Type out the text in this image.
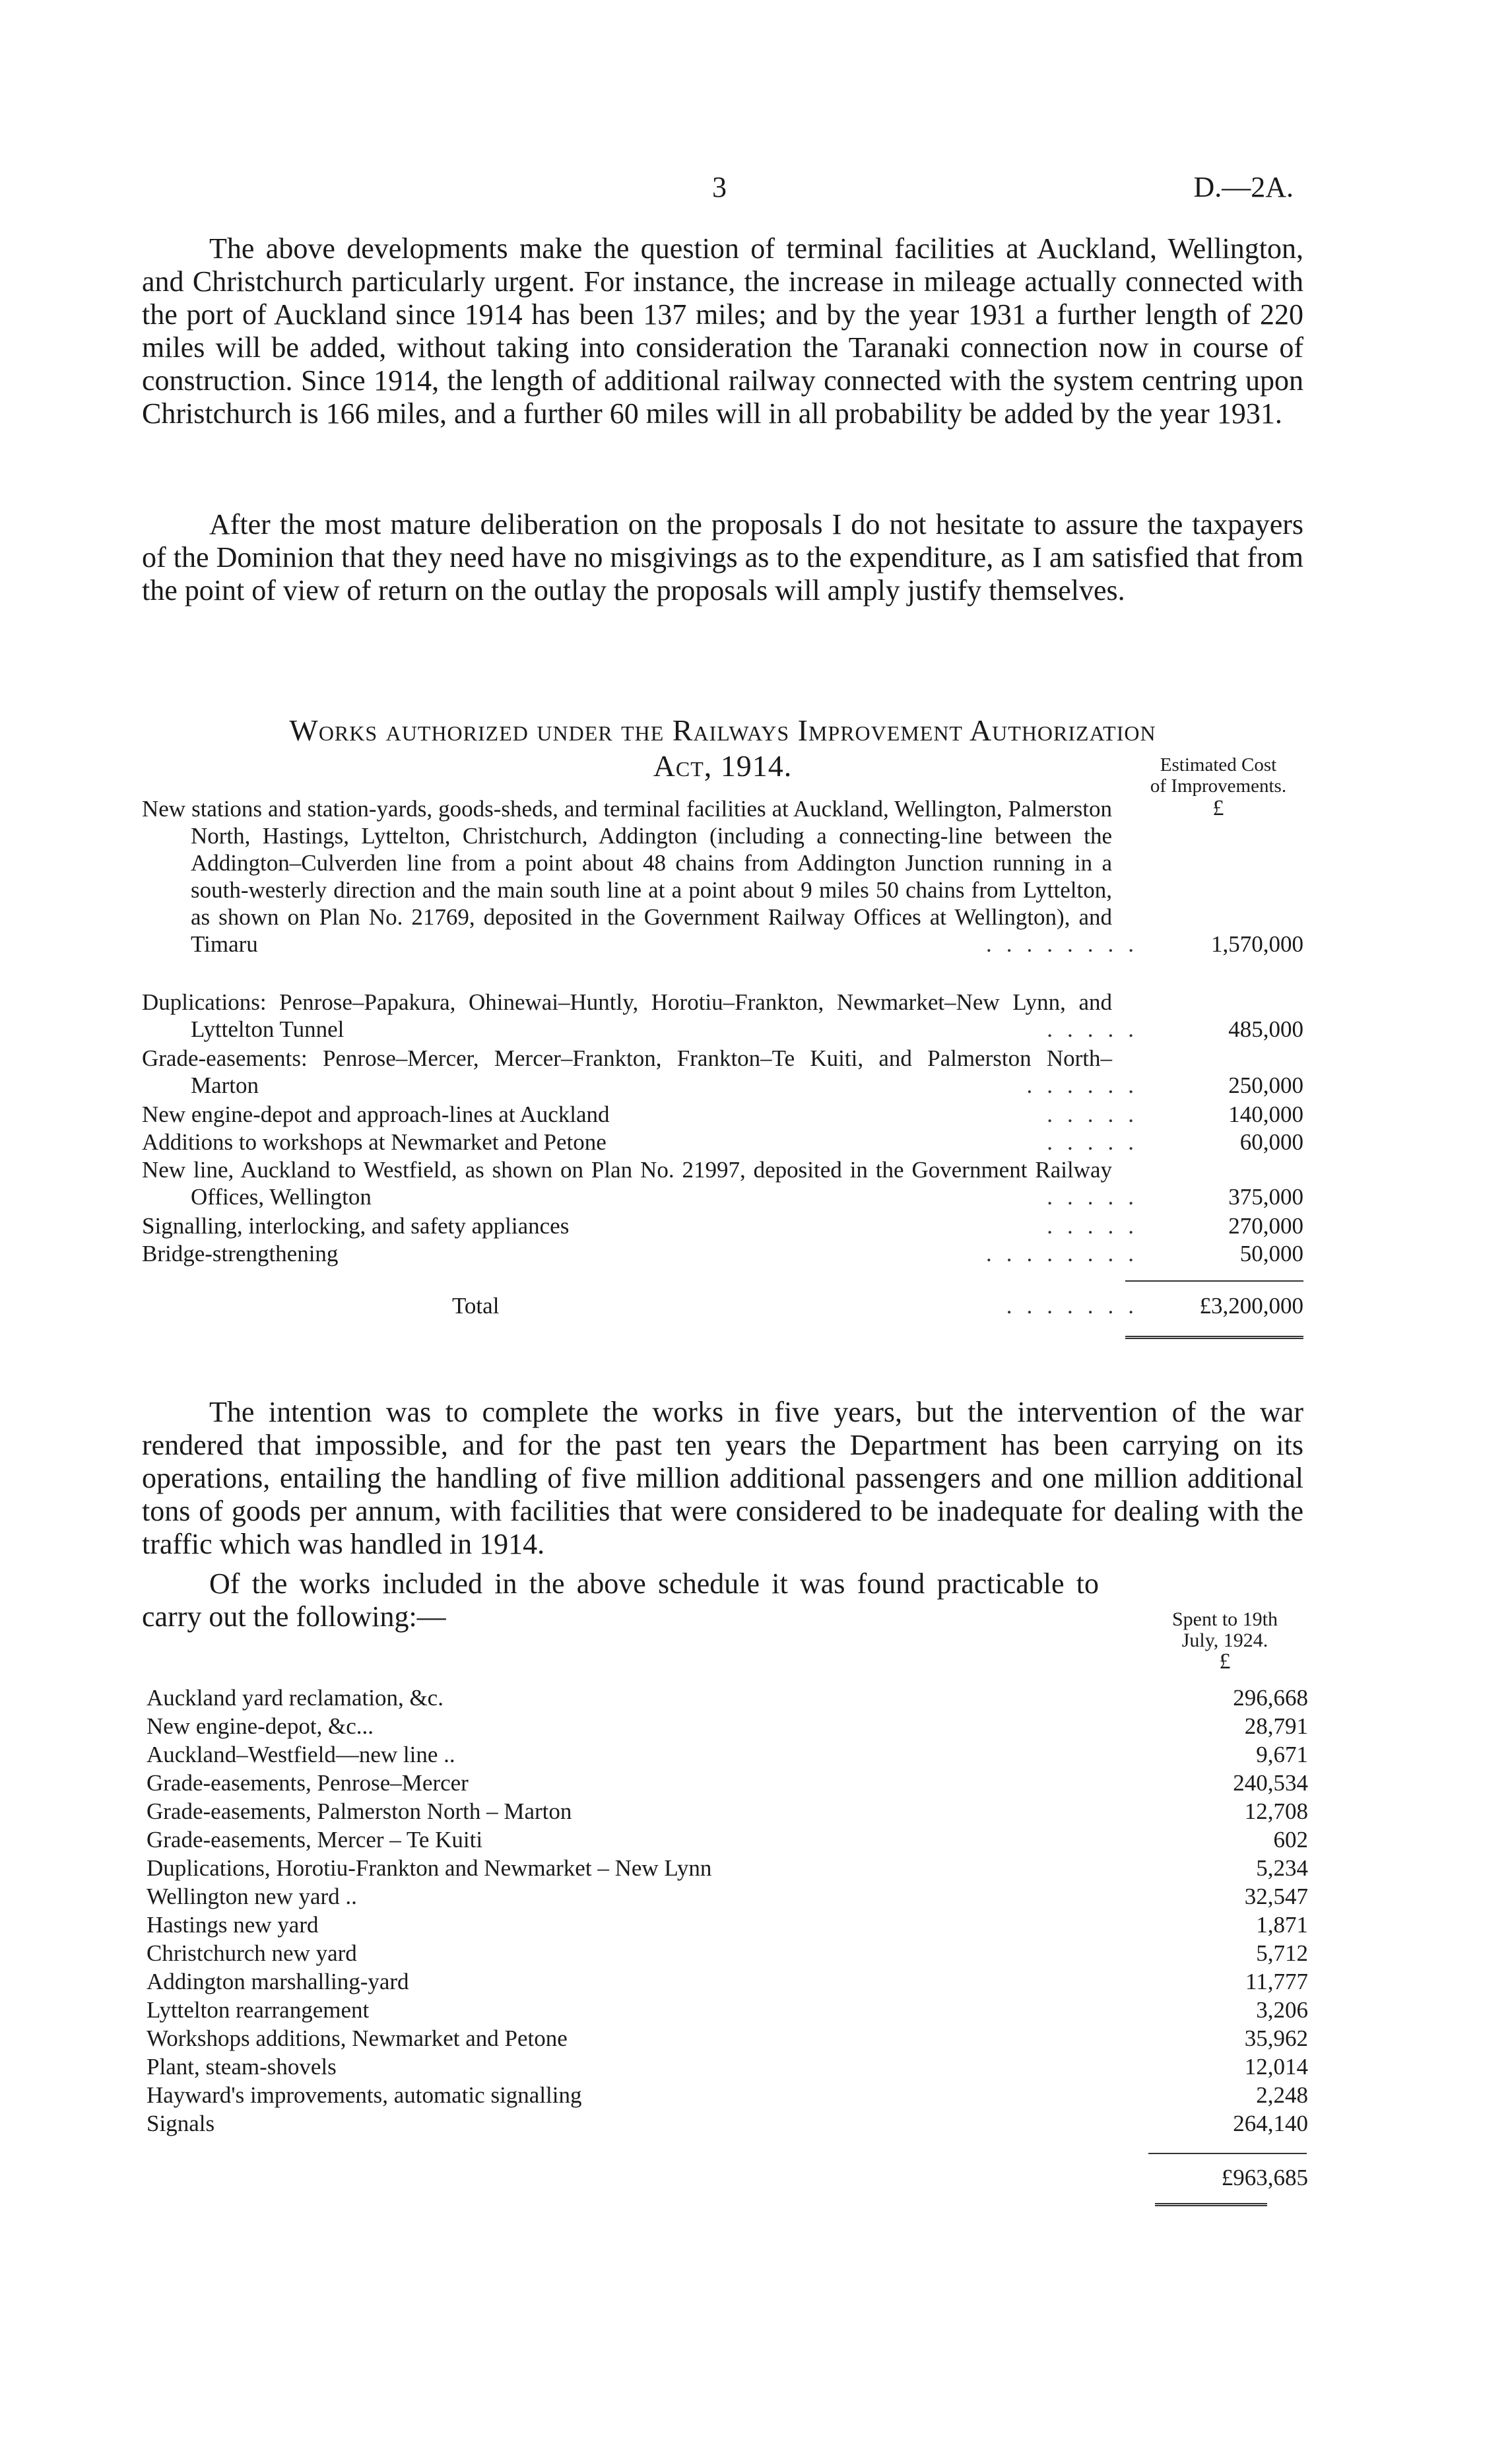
3	D.—2A.

The above developments make the question of terminal facilities at Auckland, Wellington, and Christchurch particularly urgent. For instance, the increase in mileage actually connected with the port of Auckland since 1914 has been 137 miles; and by the year 1931 a further length of 220 miles will be added, without taking into consideration the Taranaki connection now in course of construction. Since 1914, the length of additional railway connected with the system centring upon Christchurch is 166 miles, and a further 60 miles will in all probability be added by the year 1931.

After the most mature deliberation on the proposals I do not hesitate to assure the taxpayers of the Dominion that they need have no misgivings as to the expenditure, as I am satisfied that from the point of view of return on the outlay the proposals will amply justify themselves.

Works authorized under the Railways Improvement Authorization
Act, 1914.	Estimated Cost
of Improvements.
£
New stations and station-yards, goods-sheds, and terminal facilities at Auckland, Wellington, Palmerston North, Hastings, Lyttelton, Christchurch, Addington (including a connecting-line between the Addington–Culverden line from a point about 48 chains from Addington Junction running in a south-westerly direction and the main south line at a point about 9 miles 50 chains from Lyttelton, as shown on Plan No. 21769, deposited in the Government Railway Offices at Wellington), and Timaru	........	1,570,000
Duplications: Penrose–Papakura, Ohinewai–Huntly, Horotiu–Frankton, Newmarket–New Lynn, and Lyttelton Tunnel	.....	485,000
Grade-easements: Penrose–Mercer, Mercer–Frankton, Frankton–Te Kuiti, and Palmerston North–Marton	......	250,000
New engine-depot and approach-lines at Auckland	.....	140,000
Additions to workshops at Newmarket and Petone	.....	60,000
New line, Auckland to Westfield, as shown on Plan No. 21997, deposited in the Government Railway Offices, Wellington	.....	375,000
Signalling, interlocking, and safety appliances	.....	270,000
Bridge-strengthening	........	50,000
Total	.......	£3,200,000

The intention was to complete the works in five years, but the intervention of the war rendered that impossible, and for the past ten years the Department has been carrying on its operations, entailing the handling of five million additional passengers and one million additional tons of goods per annum, with facilities that were considered to be inadequate for dealing with the traffic which was handled in 1914.

Of the works included in the above schedule it was found practicable to carry out the following:—	Spent to 19th
July, 1924.
£
Auckland yard reclamation, &c.	296,668
New engine-depot, &c...	28,791
Auckland–Westfield—new line ..	9,671
Grade-easements, Penrose–Mercer	240,534
Grade-easements, Palmerston North – Marton	12,708
Grade-easements, Mercer – Te Kuiti	602
Duplications, Horotiu-Frankton and Newmarket – New Lynn	5,234
Wellington new yard ..	32,547
Hastings new yard	1,871
Christchurch new yard	5,712
Addington marshalling-yard	11,777
Lyttelton rearrangement	3,206
Workshops additions, Newmarket and Petone	35,962
Plant, steam-shovels	12,014
Hayward's improvements, automatic signalling	2,248
Signals	264,140
£963,685
